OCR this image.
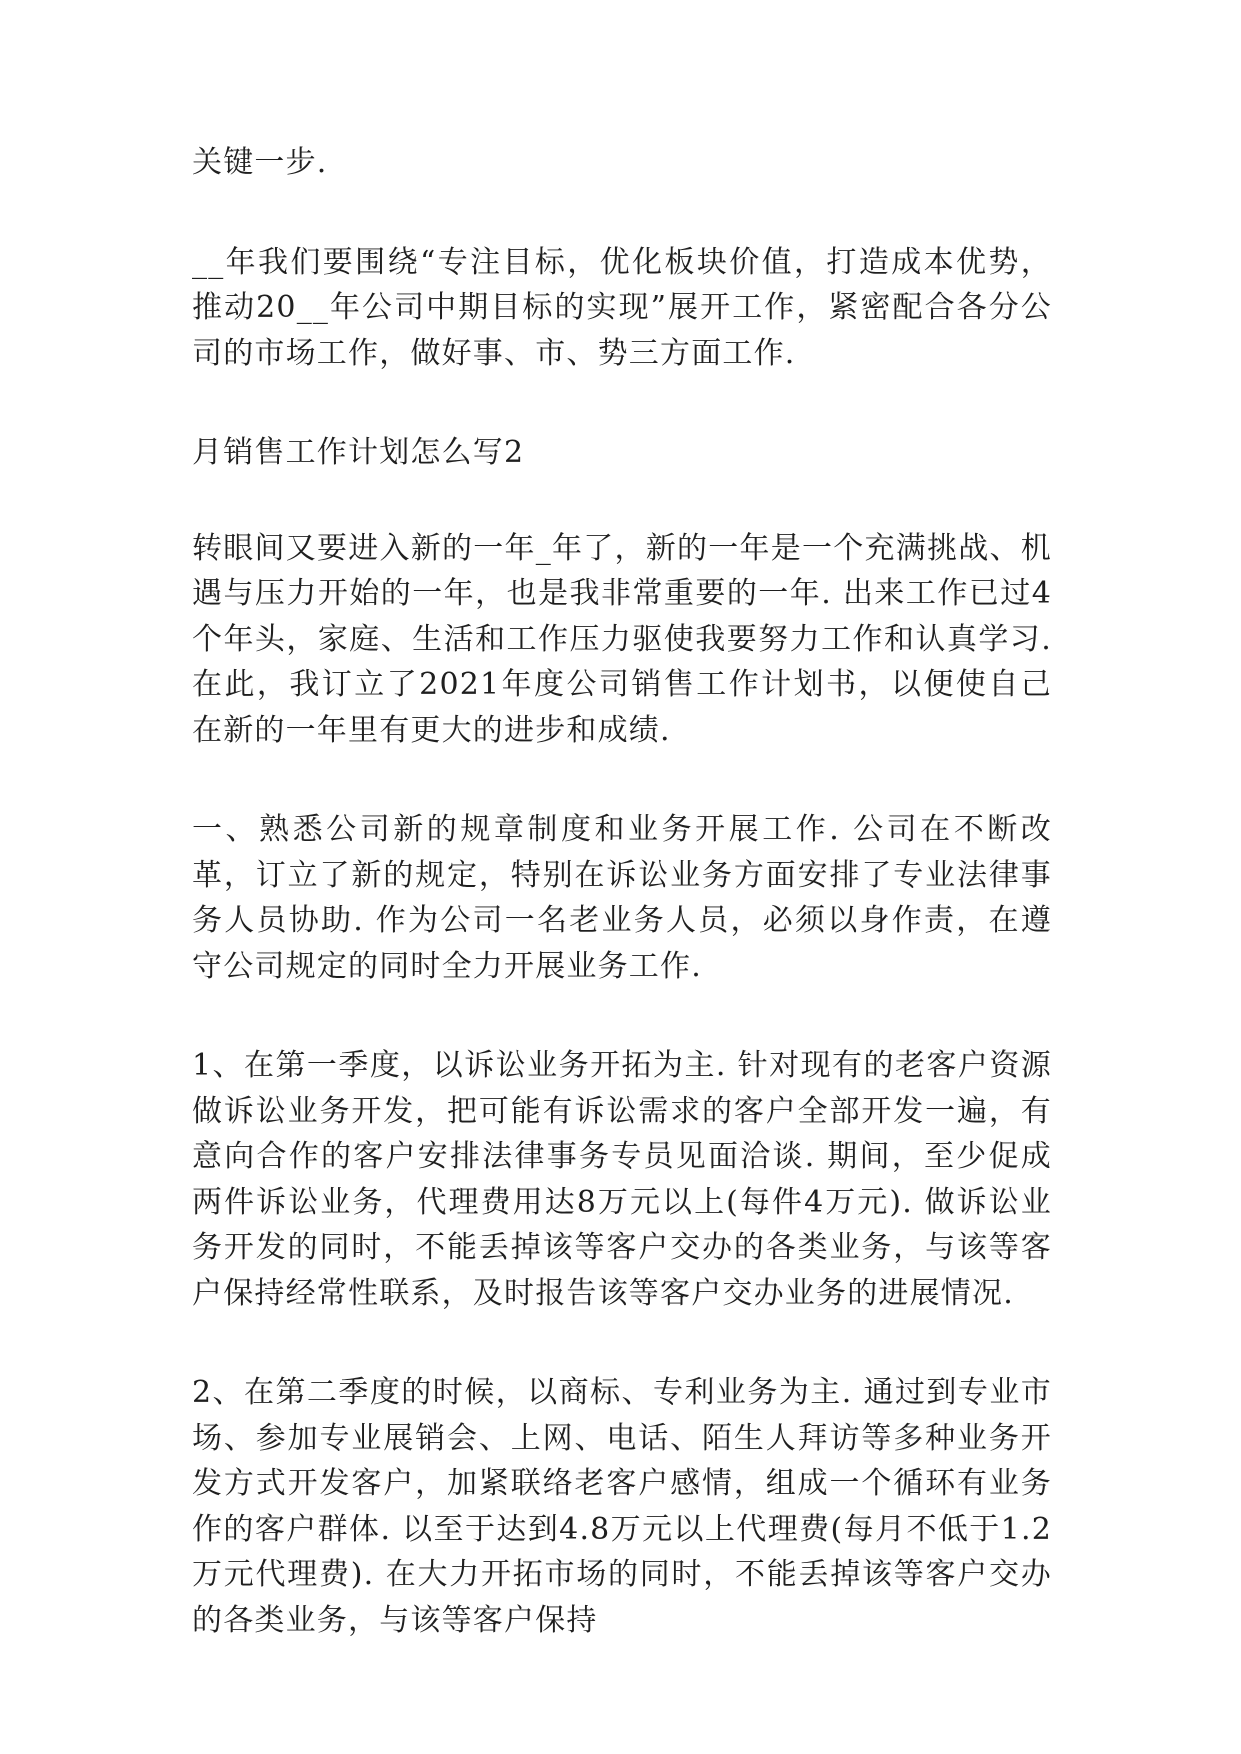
关键一步.

__年我们要围绕“专注目标，优化板块价值，打造成本优势，推动20__年公司中期目标的实现”展开工作，紧密配合各分公司的市场工作，做好事、市、势三方面工作.

月销售工作计划怎么写2

转眼间又要进入新的一年_年了，新的一年是一个充满挑战、机遇与压力开始的一年，也是我非常重要的一年. 出来工作已过4个年头，家庭、生活和工作压力驱使我要努力工作和认真学习. 在此，我订立了2021年度公司销售工作计划书，以便使自己在新的一年里有更大的进步和成绩.

一、熟悉公司新的规章制度和业务开展工作. 公司在不断改革，订立了新的规定，特别在诉讼业务方面安排了专业法律事务人员协助. 作为公司一名老业务人员，必须以身作责，在遵守公司规定的同时全力开展业务工作.

1、在第一季度，以诉讼业务开拓为主. 针对现有的老客户资源做诉讼业务开发，把可能有诉讼需求的客户全部开发一遍，有意向合作的客户安排法律事务专员见面洽谈. 期间，至少促成两件诉讼业务，代理费用达8万元以上(每件4万元). 做诉讼业务开发的同时，不能丢掉该等客户交办的各类业务，与该等客户保持经常性联系，及时报告该等客户交办业务的进展情况.

2、在第二季度的时候，以商标、专利业务为主. 通过到专业市场、参加专业展销会、上网、电话、陌生人拜访等多种业务开发方式开发客户，加紧联络老客户感情，组成一个循环有业务作的客户群体. 以至于达到4.8万元以上代理费(每月不低于1.2万元代理费). 在大力开拓市场的同时，不能丢掉该等客户交办的各类业务，与该等客户保持
